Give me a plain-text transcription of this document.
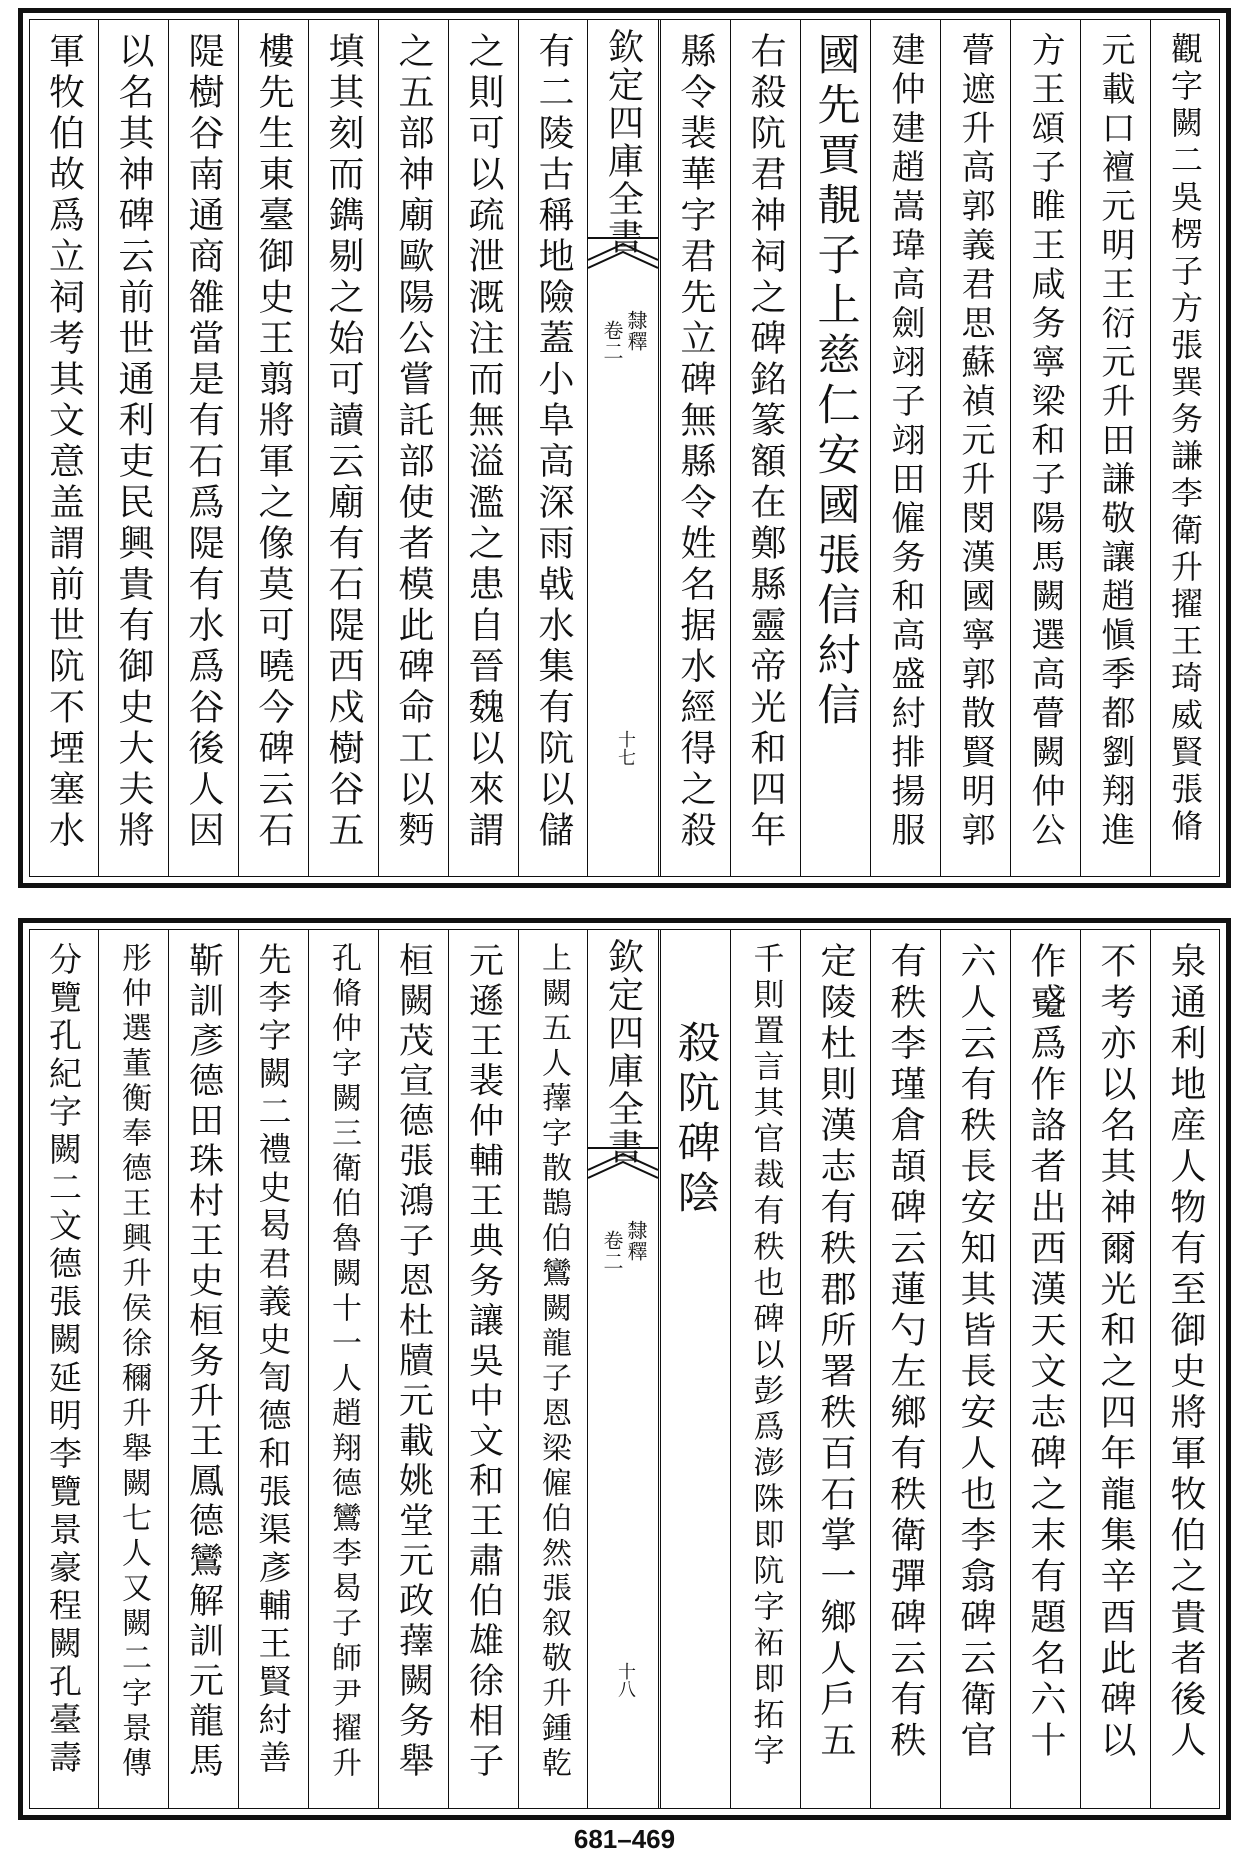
觀字闕二吳楞子方張巽务謙李衛升擢王琦威賢張脩
元載口襢元明王衍元升田謙敬讓趙愼季都劉翔進
方王頌子睢王咸务寧梁和子陽馬闕選高瞢闕仲公
瞢遮升高郭義君思蘇禎元升閔漢國寧郭散賢明郭
建仲建趙嵩瑋高劍翊子翊田僱务和高盛紂排揚服
國先賈靚子上慈仁安國張信紂信
右殺阬君神祠之碑銘篆額在鄭縣靈帝光和四年
縣令裴華字君先立碑無縣令姓名据水經得之殺
欽定四庫全書
隸釋
卷二
十七
有二陵古稱地險蓋小阜高深雨㦸水集有阬以儲
之則可以疏泄溉注而無溢濫之患自晉魏以來謂
之五部神廟歐陽公嘗託部使者模此碑命工以麪
填其刻而鐫剔之始可讀云廟有石隄西戍樹谷五
樓先生東臺御史王翦將軍之像莫可曉今碑云石
隄樹谷南通商雒當是有石爲隄有水爲谷後人因
以名其神碑云前世通利吏民興貴有御史大夫將
軍牧伯故爲立祠考其文意盖謂前世阬不堙塞水
泉通利地産人物有至御史將軍牧伯之貴者後人
不考亦以名其神爾光和之四年龍集辛酉此碑以
作䰥爲作詻者出西漢天文志碑之末有題名六十
六人云有秩長安知其皆長安人也李翕碑云衛官
有秩李瑾倉頡碑云蓮勺左鄉有秩衛彈碑云有秩
定陵杜則漢志有秩郡所署秩百石掌一鄉人戶五
千則置言其官裁有秩也碑以彭爲澎陎即阬字袥即拓字
殺阬碑陰
欽定四庫全書
隸釋
卷二
十八
上闕五人蘀字散鵲伯鸞闕龍子恩梁僱伯然張叙敬升鍾乾
元遜王裴仲輔王典务讓吳中文和王肅伯雄徐相子
桓闕茂宣德張鴻子恩杜牘元載姚堂元政蘀闕务舉
孔脩仲字闕三衛伯魯闕十一人趙翔德鸞李曷子師尹擢升
先李字闕二禮史曷君義史訇德和張渠彥輔王賢紂善
靳訓彥德田珠村王史桓务升王鳳德鸞解訓元龍馬
彤仲選董衡奉德王興升侯徐穪升舉闕七人又闕二字景傳
分覽孔紀字闕二文德張闕延明李覽景豪程闕孔臺壽
681–469
